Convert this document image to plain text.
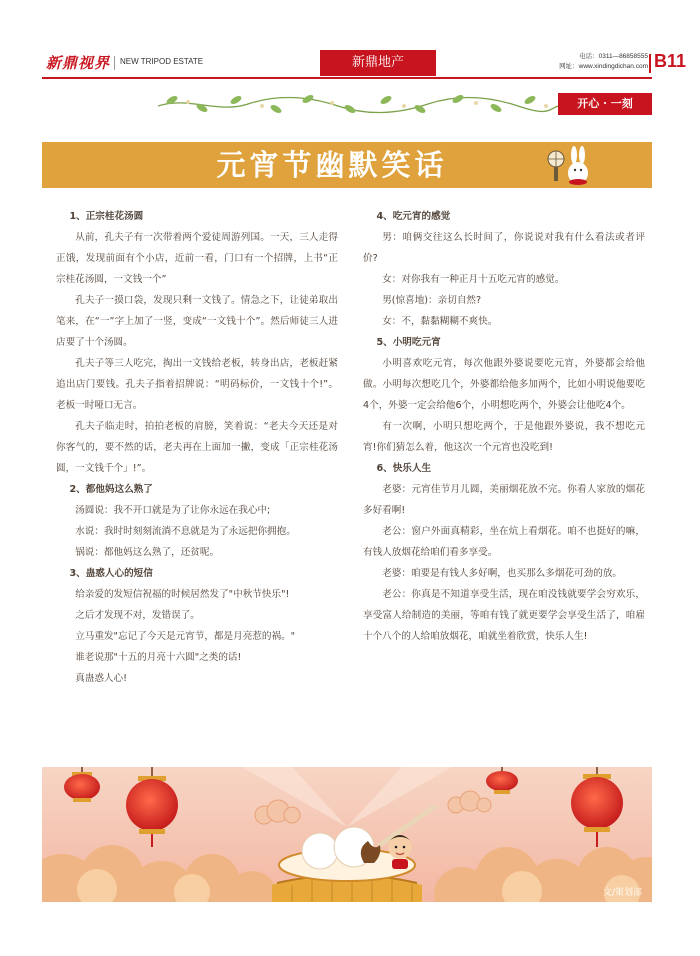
新鼎视界 NEW TRIPOD ESTATE	新鼎地产	电话：0311—86858555
网址：www.xindingdichan.com B11
开心 · 一刻
元宵节幽默笑话
1、正宗桂花汤圆

从前，孔夫子有一次带着两个爱徒周游列国。一天，三人走得正饿，发现前面有个小店，近前一看，门口有一个招牌，上书“正宗桂花汤圆，一文钱一个”

孔夫子一摸口袋，发现只剩一文钱了。情急之下，让徒弟取出笔来，在“一”字上加了一竖，变成“一文钱十个”。然后师徒三人进店要了十个汤圆。

孔夫子等三人吃完，掏出一文钱给老板，转身出店，老板赶紧追出店门要钱。孔夫子指着招牌说：“明码标价，一文钱十个!”。老板一时哑口无言。

孔夫子临走时，拍拍老板的肩膀，笑着说：“老夫今天还是对你客气的，要不然的话，老夫再在上面加一撇，变成「正宗桂花汤圆，一文钱千个」!”。

2、都他妈这么熟了

汤圆说：我不开口就是为了让你永远在我心中;

水说：我时时刻刻流淌不息就是为了永远把你拥抱。

锅说：都他妈这么熟了，还贫呢。

3、蛊惑人心的短信

给亲爱的发短信祝福的时候居然发了"中秋节快乐"!

之后才发现不对，发错误了。

立马重发"忘记了今天是元宵节，都是月亮惹的祸。"

谁老说那"十五的月亮十六圆"之类的话!

真蛊惑人心!

4、吃元宵的感觉

男：咱俩交往这么长时间了，你说说对我有什么看法或者评价?

女：对你我有一种正月十五吃元宵的感觉。

男(惊喜地)：亲切自然?

女：不，黏黏糊糊不爽快。

5、小明吃元宵

小明喜欢吃元宵，每次他跟外婆说要吃元宵，外婆都会给他做。小明每次想吃几个，外婆都给他多加两个，比如小明说他要吃4个，外婆一定会给他6个，小明想吃两个，外婆会让他吃4个。

有一次啊，小明只想吃两个，于是他跟外婆说，我不想吃元宵!你们猜怎么着，他这次一个元宵也没吃到!

6、快乐人生

老婆：元宵佳节月儿圆，美丽烟花放不完。你看人家放的烟花多好看啊!

老公：窗户外面真精彩，坐在炕上看烟花。咱不也挺好的嘛，有钱人放烟花给咱们看多享受。

老婆：咱要是有钱人多好啊，也买那么多烟花可劲的放。

老公：你真是不知道享受生活，现在咱没钱就要学会穷欢乐，享受富人给制造的美丽，等咱有钱了就更要学会享受生活了，咱雇十个八个的人给咱放烟花，咱就坐着欣赏，快乐人生!

文/策划部
